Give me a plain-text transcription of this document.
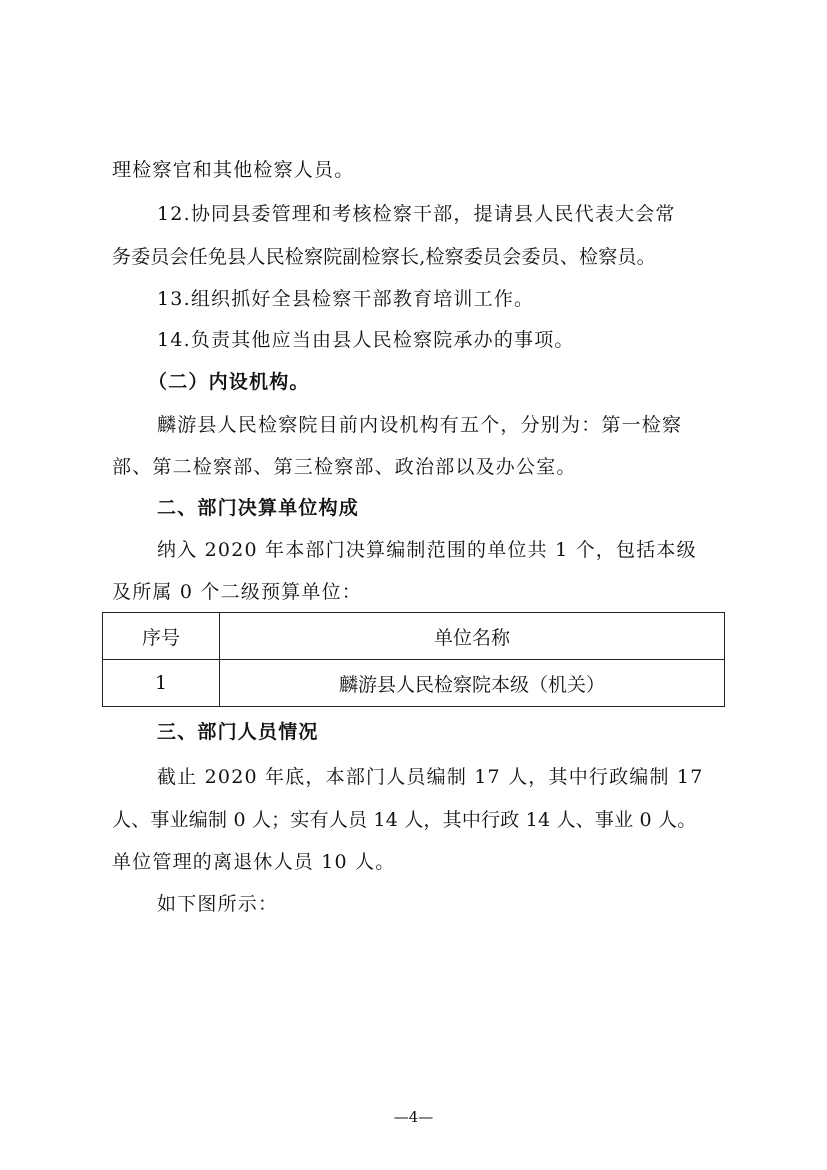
理检察官和其他检察人员。
12.协同县委管理和考核检察干部，提请县人民代表大会常
务委员会任免县人民检察院副检察长,检察委员会委员、检察员。
13.组织抓好全县检察干部教育培训工作。
14.负责其他应当由县人民检察院承办的事项。
（二）内设机构。
麟游县人民检察院目前内设机构有五个，分别为：第一检察
部、第二检察部、第三检察部、政治部以及办公室。
二、部门决算单位构成
纳入 2020 年本部门决算编制范围的单位共 1 个，包括本级
及所属 0 个二级预算单位：
序号	单位名称
1	麟游县人民检察院本级（机关）
三、部门人员情况
截止 2020 年底，本部门人员编制 17 人，其中行政编制 17
人、事业编制 0 人；实有人员 14 人，其中行政 14 人、事业 0 人。
单位管理的离退休人员 10 人。
如下图所示：
—4—
